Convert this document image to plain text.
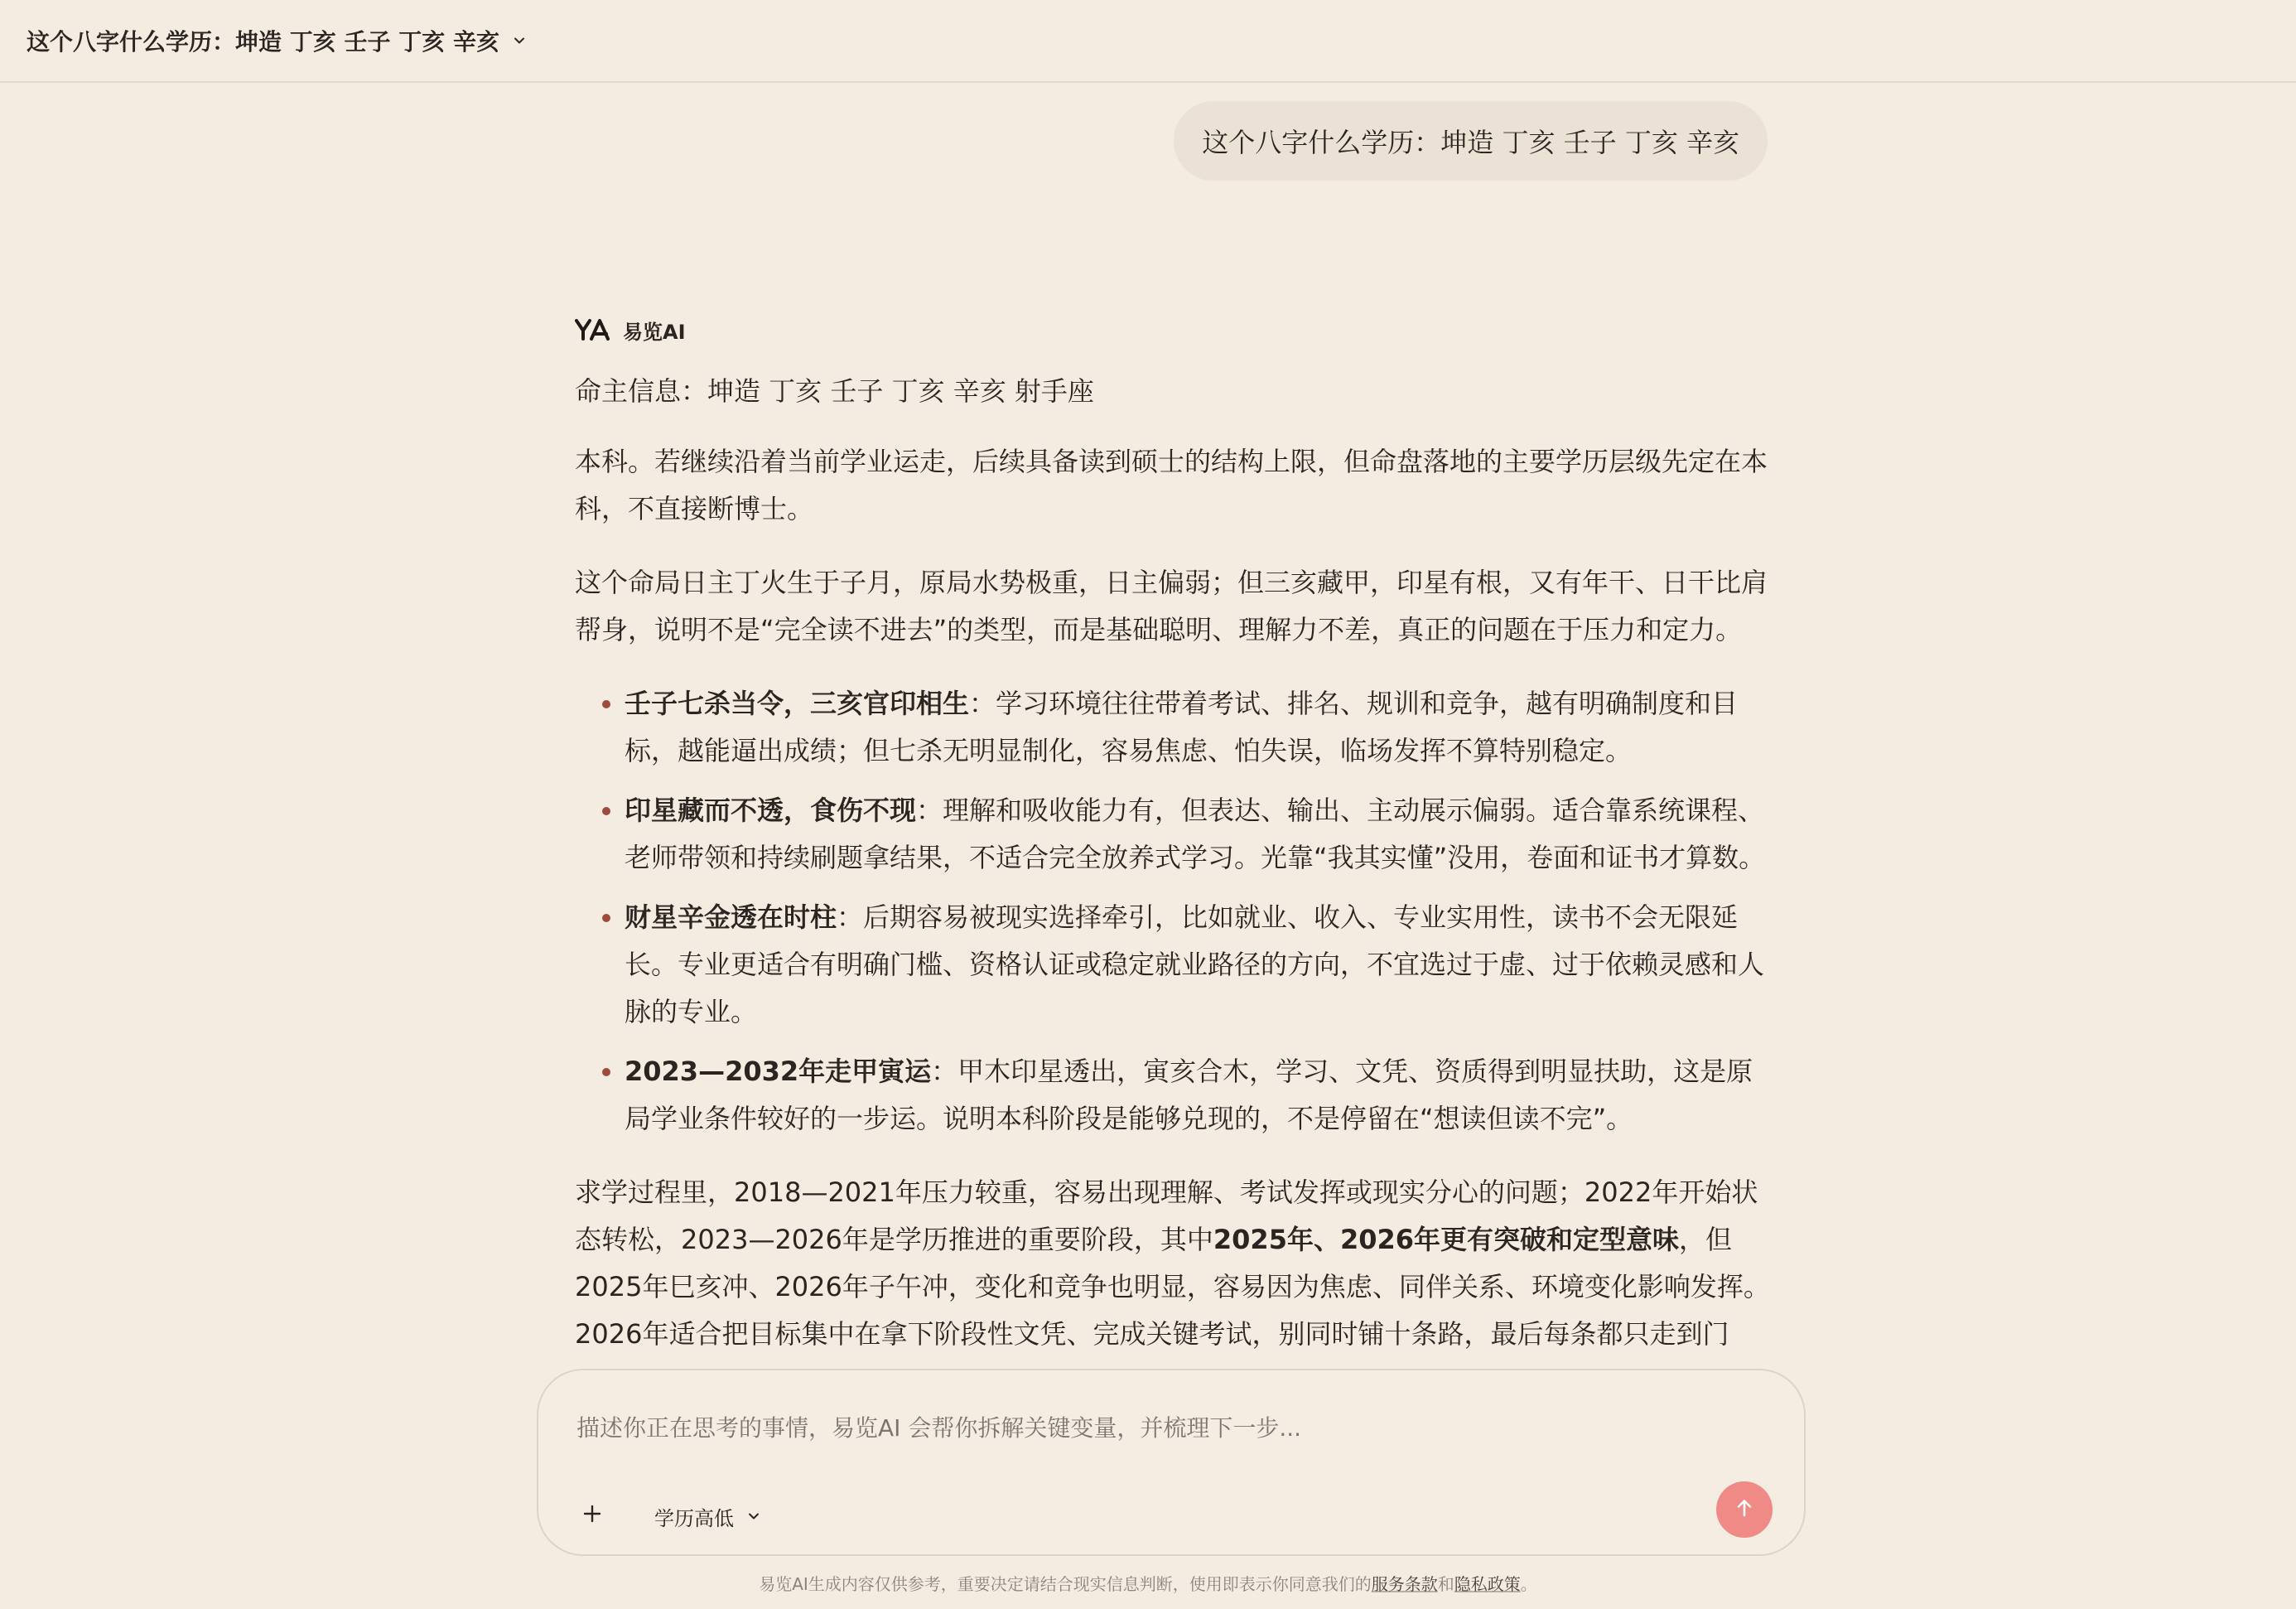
这个八字什么学历：坤造 丁亥 壬子 丁亥 辛亥
这个八字什么学历：坤造 丁亥 壬子 丁亥 辛亥
易览AI

命主信息：坤造 丁亥 壬子 丁亥 辛亥 射手座

本科。若继续沿着当前学业运走，后续具备读到硕士的结构上限，但命盘落地的主要学历层级先定在本科，不直接断博士。

这个命局日主丁火生于子月，原局水势极重，日主偏弱；但三亥藏甲，印星有根，又有年干、日干比肩帮身，说明不是“完全读不进去”的类型，而是基础聪明、理解力不差，真正的问题在于压力和定力。

• 壬子七杀当令，三亥官印相生：学习环境往往带着考试、排名、规训和竞争，越有明确制度和目标，越能逼出成绩；但七杀无明显制化，容易焦虑、怕失误，临场发挥不算特别稳定。
• 印星藏而不透，食伤不现：理解和吸收能力有，但表达、输出、主动展示偏弱。适合靠系统课程、老师带领和持续刷题拿结果，不适合完全放养式学习。光靠“我其实懂”没用，卷面和证书才算数。
• 财星辛金透在时柱：后期容易被现实选择牵引，比如就业、收入、专业实用性，读书不会无限延长。专业更适合有明确门槛、资格认证或稳定就业路径的方向，不宜选过于虚、过于依赖灵感和人脉的专业。
• 2023—2032年走甲寅运：甲木印星透出，寅亥合木，学习、文凭、资质得到明显扶助，这是原局学业条件较好的一步运。说明本科阶段是能够兑现的，不是停留在“想读但读不完”。

求学过程里，2018—2021年压力较重，容易出现理解、考试发挥或现实分心的问题；2022年开始状态转松，2023—2026年是学历推进的重要阶段，其中2025年、2026年更有突破和定型意味，但2025年巳亥冲、2026年子午冲，变化和竞争也明显，容易因为焦虑、同伴关系、环境变化影响发挥。2026年适合把目标集中在拿下阶段性文凭、完成关键考试，别同时铺十条路，最后每条都只走到门

描述你正在思考的事情，易览AI 会帮你拆解关键变量，并梳理下一步...
学历高低
易览AI生成内容仅供参考，重要决定请结合现实信息判断，使用即表示你同意我们的服务条款和隐私政策。
